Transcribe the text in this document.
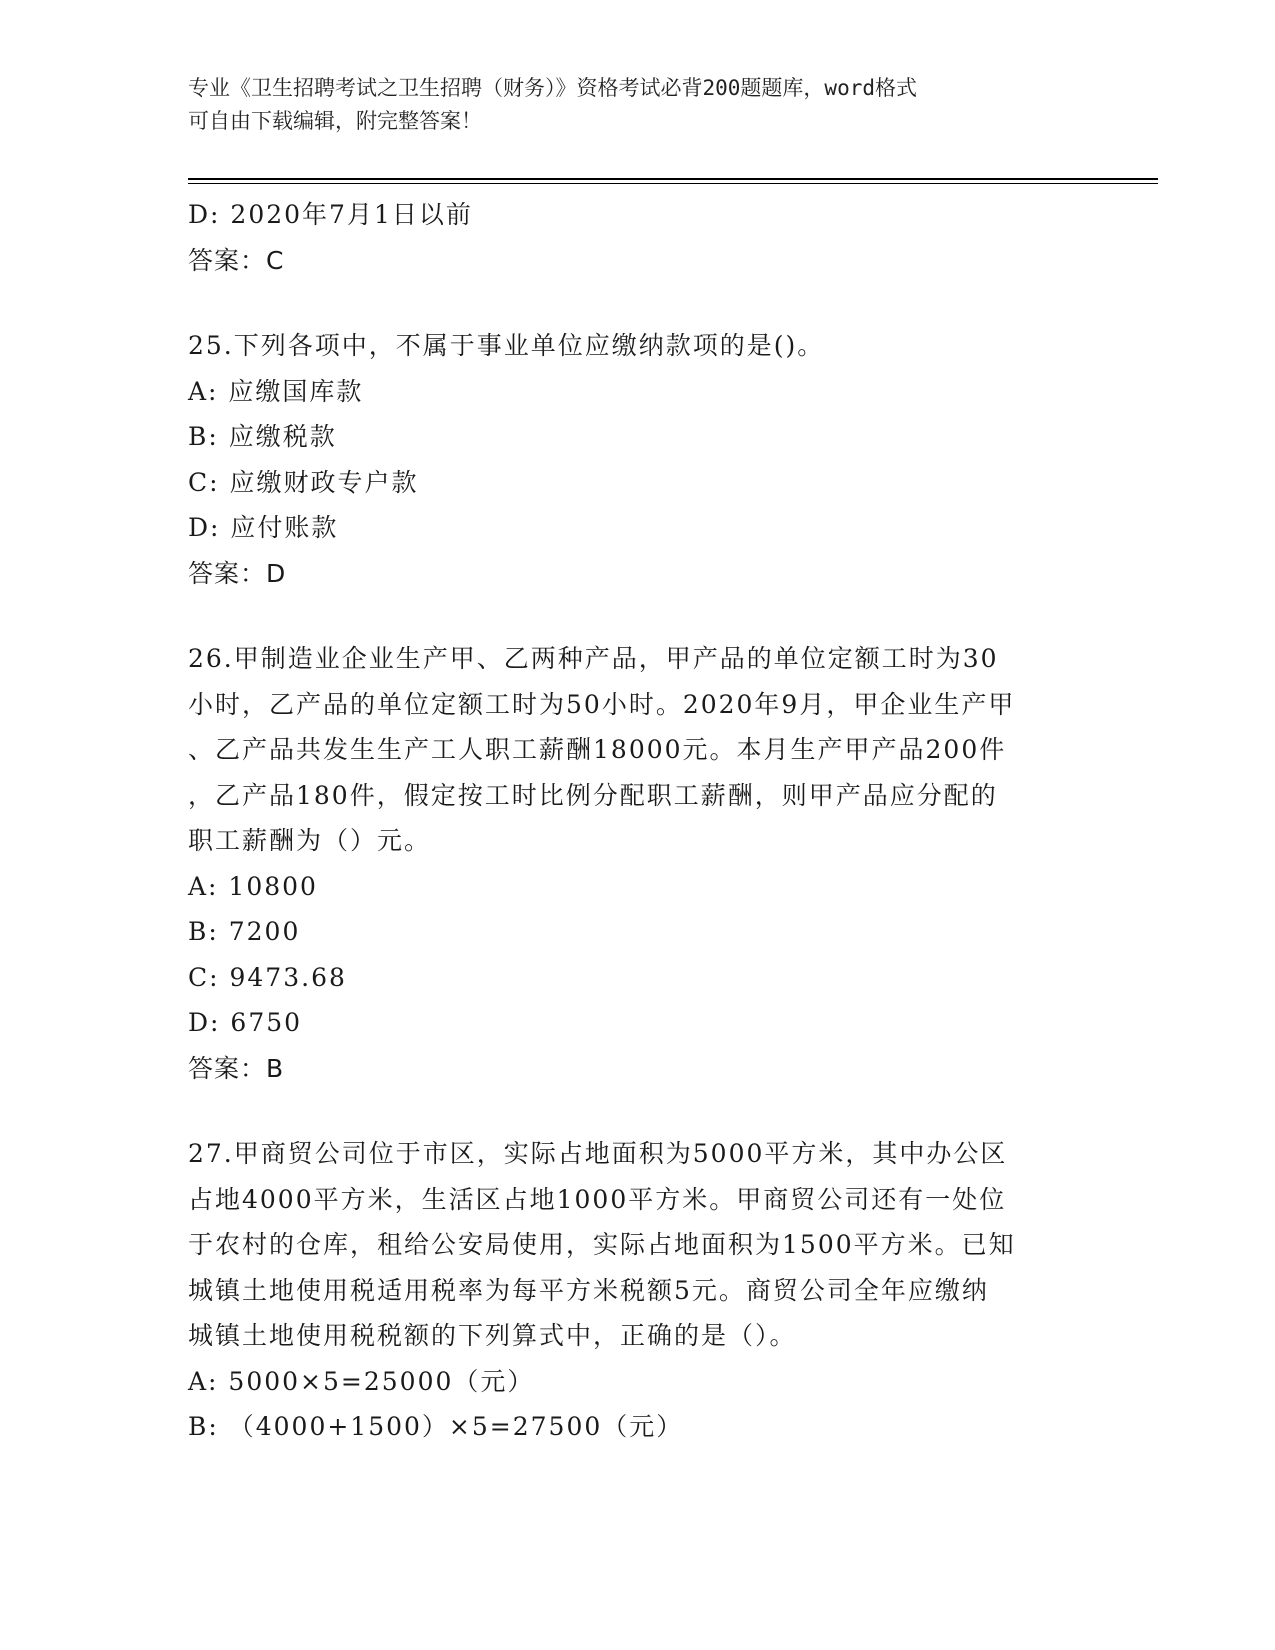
专业《卫生招聘考试之卫生招聘（财务）》资格考试必背200题题库，word格式
可自由下载编辑，附完整答案！

D: 2020年7月1日以前

答案：C

25.下列各项中，不属于事业单位应缴纳款项的是()。

A: 应缴国库款

B: 应缴税款

C: 应缴财政专户款

D: 应付账款

答案：D

26.甲制造业企业生产甲、乙两种产品，甲产品的单位定额工时为30

小时，乙产品的单位定额工时为50小时。2020年9月，甲企业生产甲

、乙产品共发生生产工人职工薪酬18000元。本月生产甲产品200件

，乙产品180件，假定按工时比例分配职工薪酬，则甲产品应分配的

职工薪酬为（）元。

A: 10800

B: 7200

C: 9473.68

D: 6750

答案：B

27.甲商贸公司位于市区，实际占地面积为5000平方米，其中办公区

占地4000平方米，生活区占地1000平方米。甲商贸公司还有一处位

于农村的仓库，租给公安局使用，实际占地面积为1500平方米。已知

城镇土地使用税适用税率为每平方米税额5元。商贸公司全年应缴纳

城镇土地使用税税额的下列算式中，正确的是（）。

A: 5000×5=25000（元）

B: （4000+1500）×5=27500（元）
